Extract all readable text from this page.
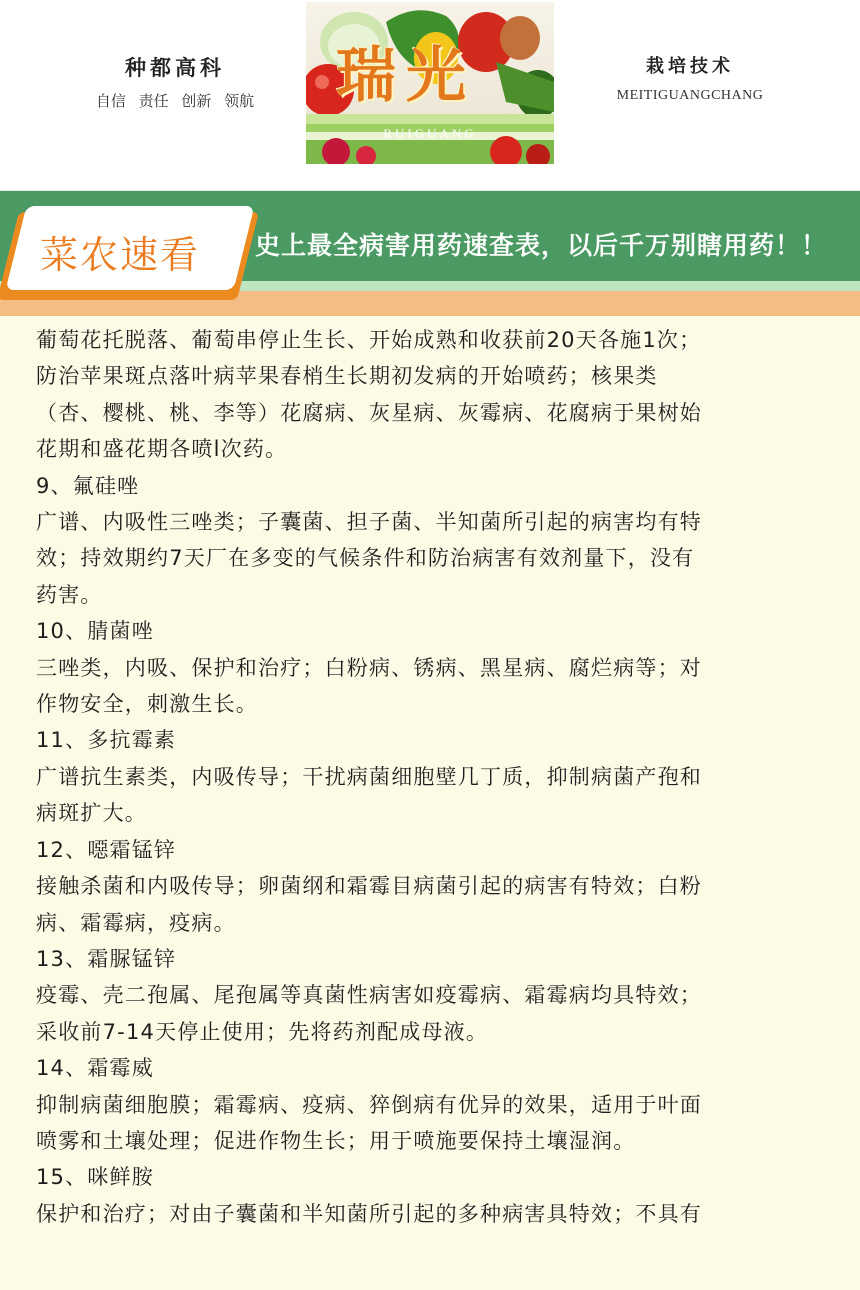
种都高科
自信 责任 创新 领航 瑞光
RUIGUANG
栽培技术
MEITIGUANGCHANG
菜农速看 史上最全病害用药速查表，以后千万别瞎用药！！

葡萄花托脱落、葡萄串停止生长、开始成熟和收获前20天各施1次；

防治苹果斑点落叶病苹果春梢生长期初发病的开始喷药；核果类

（杏、樱桃、桃、李等）花腐病、灰星病、灰霉病、花腐病于果树始

花期和盛花期各喷l次药。

9、氟硅唑

广谱、内吸性三唑类；子囊菌、担子菌、半知菌所引起的病害均有特

效；持效期约7天厂在多变的气候条件和防治病害有效剂量下，没有

药害。

10、腈菌唑

三唑类，内吸、保护和治疗；白粉病、锈病、黑星病、腐烂病等；对

作物安全，刺激生长。

11、多抗霉素

广谱抗生素类，内吸传导；干扰病菌细胞壁几丁质，抑制病菌产孢和

病斑扩大。

12、噁霜锰锌

接触杀菌和内吸传导；卵菌纲和霜霉目病菌引起的病害有特效；白粉

病、霜霉病，疫病。

13、霜脲锰锌

疫霉、壳二孢属、尾孢属等真菌性病害如疫霉病、霜霉病均具特效；

采收前7-14天停止使用；先将药剂配成母液。

14、霜霉威

抑制病菌细胞膜；霜霉病、疫病、猝倒病有优异的效果，适用于叶面

喷雾和土壤处理；促进作物生长；用于喷施要保持土壤湿润。

15、咪鲜胺

保护和治疗；对由子囊菌和半知菌所引起的多种病害具特效；不具有
